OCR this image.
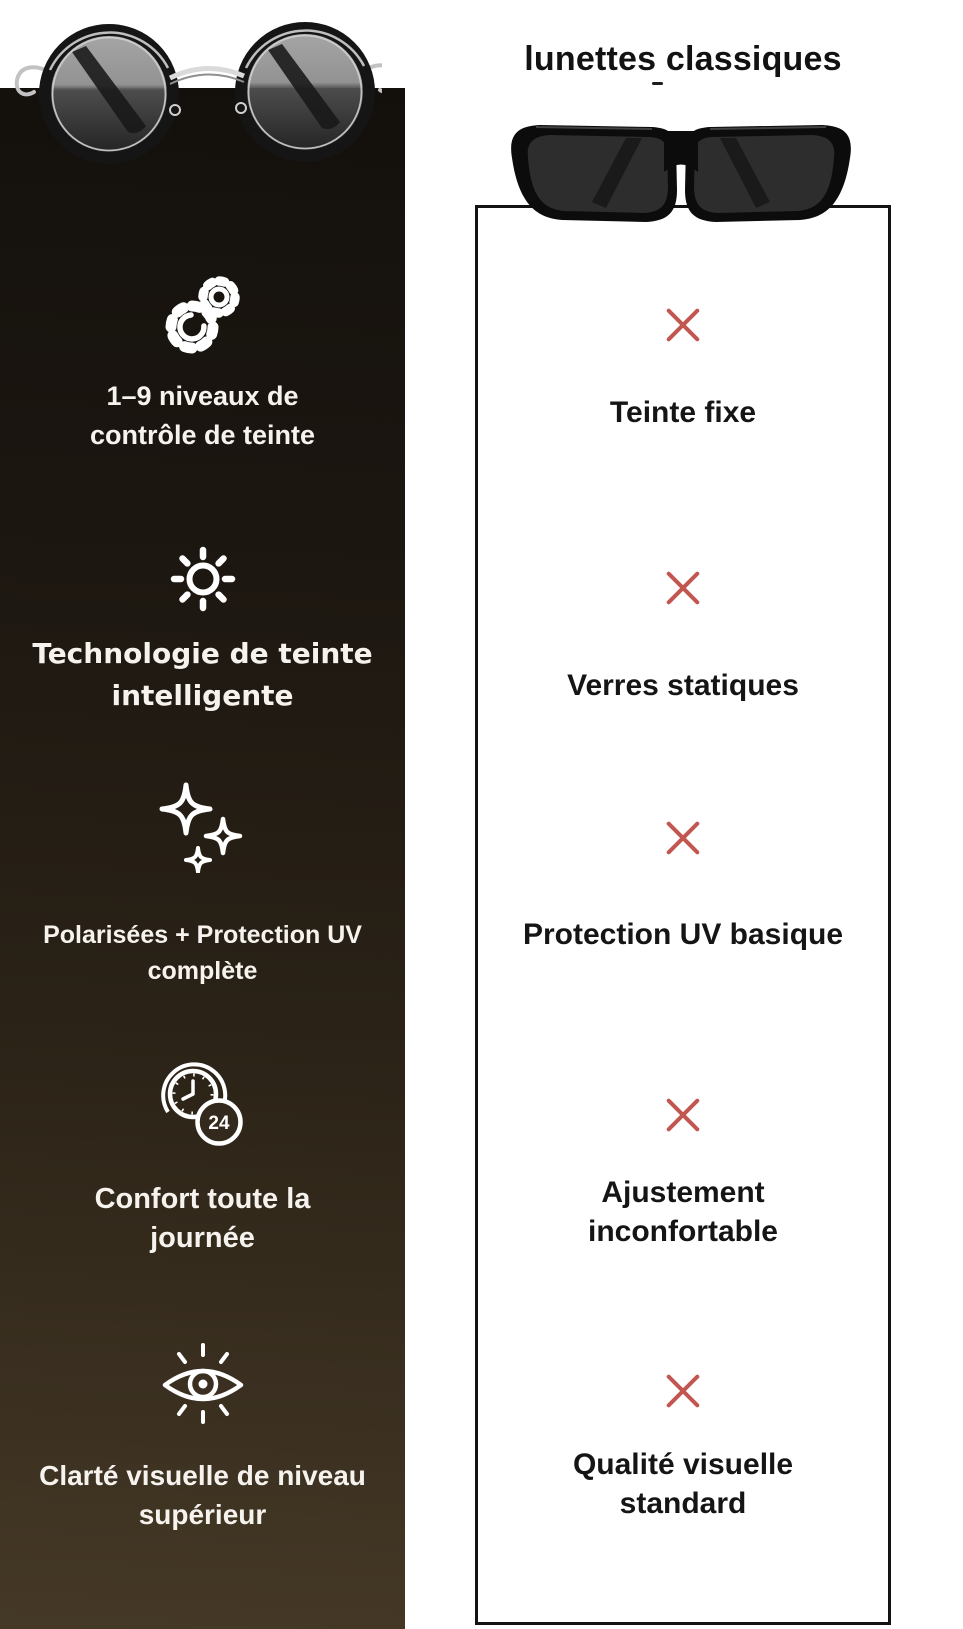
lunettes classiques
24
1–9 niveaux de
contrôle de teinte
Technologie de teinte
intelligente
Polarisées + Protection UV
complète
Confort toute la
journée
Clarté visuelle de niveau
supérieur
Teinte fixe
Verres statiques
Protection UV basique
Ajustement
inconfortable
Qualité visuelle
standard
